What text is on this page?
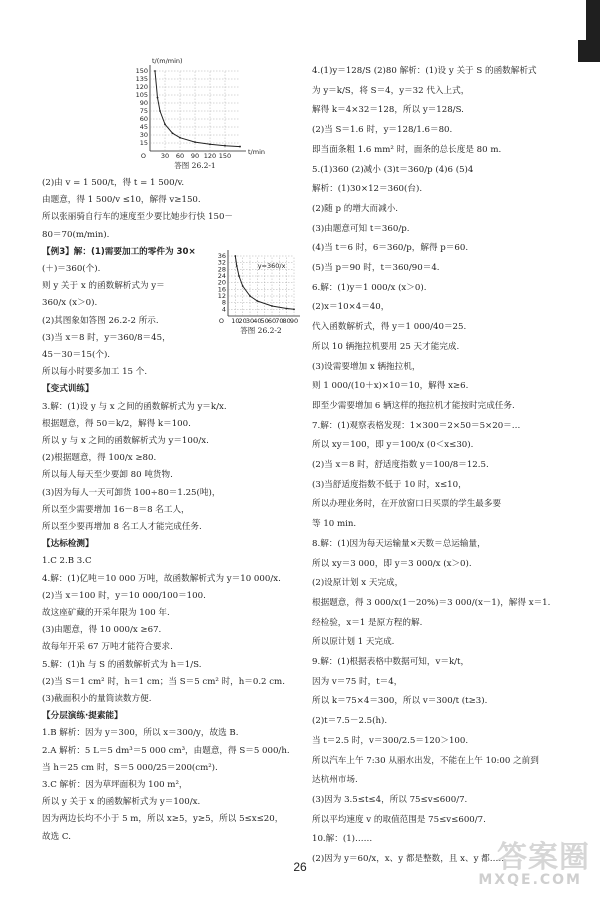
150
135
120
105
90
75
60
45
30
15
30 60 90 120 150
O
t/(m/min)
t/min
答图 26.2-1
36
32
28
24
20
16
12
8
4
10 20 30 40 50 60 70 80 90
O
y=360/x
答图 26.2-2
(2)由 v = 1 500/t，得 t = 1 500/v.
由题意，得 1 500/v ≤10，解得 v≥150.
所以张丽骑自行车的速度至少要比她步行快 150－
80＝70(m/min).
【例3】解：(1)需要加工的零件为 30×
(＋)＝360(个).
则 y 关于 x 的函数解析式为 y＝
360/x (x＞0).
(2)其图象如答图 26.2-2 所示.
(3)当 x＝8 时，y＝360/8＝45，
45－30＝15(个).
所以每小时要多加工 15 个.
【变式训练】
3.解：(1)设 y 与 x 之间的函数解析式为 y＝k/x.
根据题意，得 50＝k/2，解得 k＝100.
所以 y 与 x 之间的函数解析式为 y＝100/x.
(2)根据题意，得 100/x ≥80.
所以每人每天至少要卸 80 吨货物.
(3)因为每人一天可卸货 100÷80＝1.25(吨)，
所以至少需要增加 16－8＝8 名工人，
所以至少要再增加 8 名工人才能完成任务.
【达标检测】
1.C 2.B 3.C
4.解：(1)亿吨＝10 000 万吨，故函数解析式为 y＝10 000/x.
(2)当 x＝100 时，y＝10 000/100＝100.
故这座矿藏的开采年限为 100 年.
(3)由题意，得 10 000/x ≥67.
故每年开采 67 万吨才能符合要求.
5.解：(1)h 与 S 的函数解析式为 h＝1/S.
(2)当 S＝1 cm² 时，h＝1 cm；当 S＝5 cm² 时，h＝0.2 cm.
(3)截面积小的量筒读数方便.
【分层演练·提素能】
1.B 解析：因为 y＝300，所以 x＝300/y，故选 B.
2.A 解析：5 L＝5 dm³＝5 000 cm³，由题意，得 S＝5 000/h.
当 h＝25 cm 时，S＝5 000/25＝200(cm²).
3.C 解析：因为草坪面积为 100 m²，
所以 y 关于 x 的函数解析式为 y＝100/x.
因为两边长均不小于 5 m，所以 x≥5，y≥5，所以 5≤x≤20，
故选 C.
4.(1)y＝128/S (2)80 解析：(1)设 y 关于 S 的函数解析式
为 y＝k/S，将 S＝4，y＝32 代入上式，
解得 k＝4×32＝128，所以 y＝128/S.
(2)当 S＝1.6 时，y＝128/1.6＝80.
即当面条粗 1.6 mm² 时，面条的总长度是 80 m.
5.(1)360 (2)减小 (3)t＝360/p (4)6 (5)4
解析：(1)30×12＝360(台).
(2)随 p 的增大而减小.
(3)由题意可知 t＝360/p.
(4)当 t＝6 时，6＝360/p，解得 p＝60.
(5)当 p＝90 时，t＝360/90＝4.
6.解：(1)y＝1 000/x (x＞0).
(2)x＝10×4＝40，
代入函数解析式，得 y＝1 000/40＝25.
所以 10 辆拖拉机要用 25 天才能完成.
(3)设需要增加 x 辆拖拉机，
则 1 000/(10＋x)×10＝10，解得 x≥6.
即至少需要增加 6 辆这样的拖拉机才能按时完成任务.
7.解：(1)观察表格发现：1×300＝2×50＝5×20＝…
所以 xy＝100，即 y＝100/x (0＜x≤30).
(2)当 x＝8 时，舒适度指数 y＝100/8＝12.5.
(3)当舒适度指数不低于 10 时，x≤10，
所以办理业务时，在开放窗口日买票的学生最多要
等 10 min.
8.解：(1)因为每天运输量×天数＝总运输量，
所以 xy＝3 000，即 y＝3 000/x (x＞0).
(2)设原计划 x 天完成，
根据题意，得 3 000/x(1－20%)＝3 000/(x－1)，解得 x＝1.
经检验，x＝1 是原方程的解.
所以原计划 1 天完成.
9.解：(1)根据表格中数据可知，v＝k/t，
因为 v＝75 时，t＝4，
所以 k＝75×4＝300，所以 v＝300/t (t≥3).
(2)t＝7.5－2.5(h).
当 t＝2.5 时，v＝300/2.5＝120＞100.
所以汽车上午 7:30 从丽水出发，不能在上午 10:00 之前到
达杭州市场.
(3)因为 3.5≤t≤4，所以 75≤v≤600/7.
所以平均速度 v 的取值范围是 75≤v≤600/7.
10.解：(1)……
(2)因为 y＝60/x，x、y 都是整数，且 x、y 都……
26	答案圈
MXQE.COM
